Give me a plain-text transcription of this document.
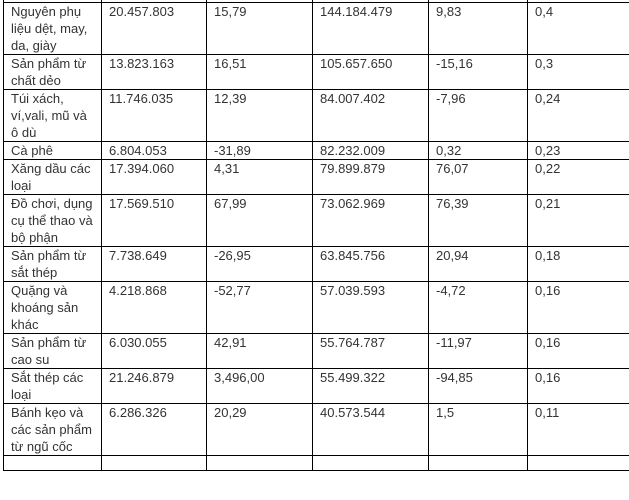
Nguyên phụ liệu dệt, may, da, giày	20.457.803	15,79	144.184.479	9,83	0,4
Sản phẩm từ chất dẻo	13.823.163	16,51	105.657.650	-15,16	0,3
Túi xách, ví,vali, mũ và ô dù	11.746.035	12,39	84.007.402	-7,96	0,24
Cà phê	6.804.053	-31,89	82.232.009	0,32	0,23
Xăng dầu các loại	17.394.060	4,31	79.899.879	76,07	0,22
Đồ chơi, dụng cụ thể thao và bộ phận	17.569.510	67,99	73.062.969	76,39	0,21
Sản phẩm từ sắt thép	7.738.649	-26,95	63.845.756	20,94	0,18
Quặng và khoáng sản khác	4.218.868	-52,77	57.039.593	-4,72	0,16
Sản phẩm từ cao su	6.030.055	42,91	55.764.787	-11,97	0,16
Sắt thép các loại	21.246.879	3,496,00	55.499.322	-94,85	0,16
Bánh kẹo và các sản phẩm từ ngũ cốc	6.286.326	20,29	40.573.544	1,5	0,11
